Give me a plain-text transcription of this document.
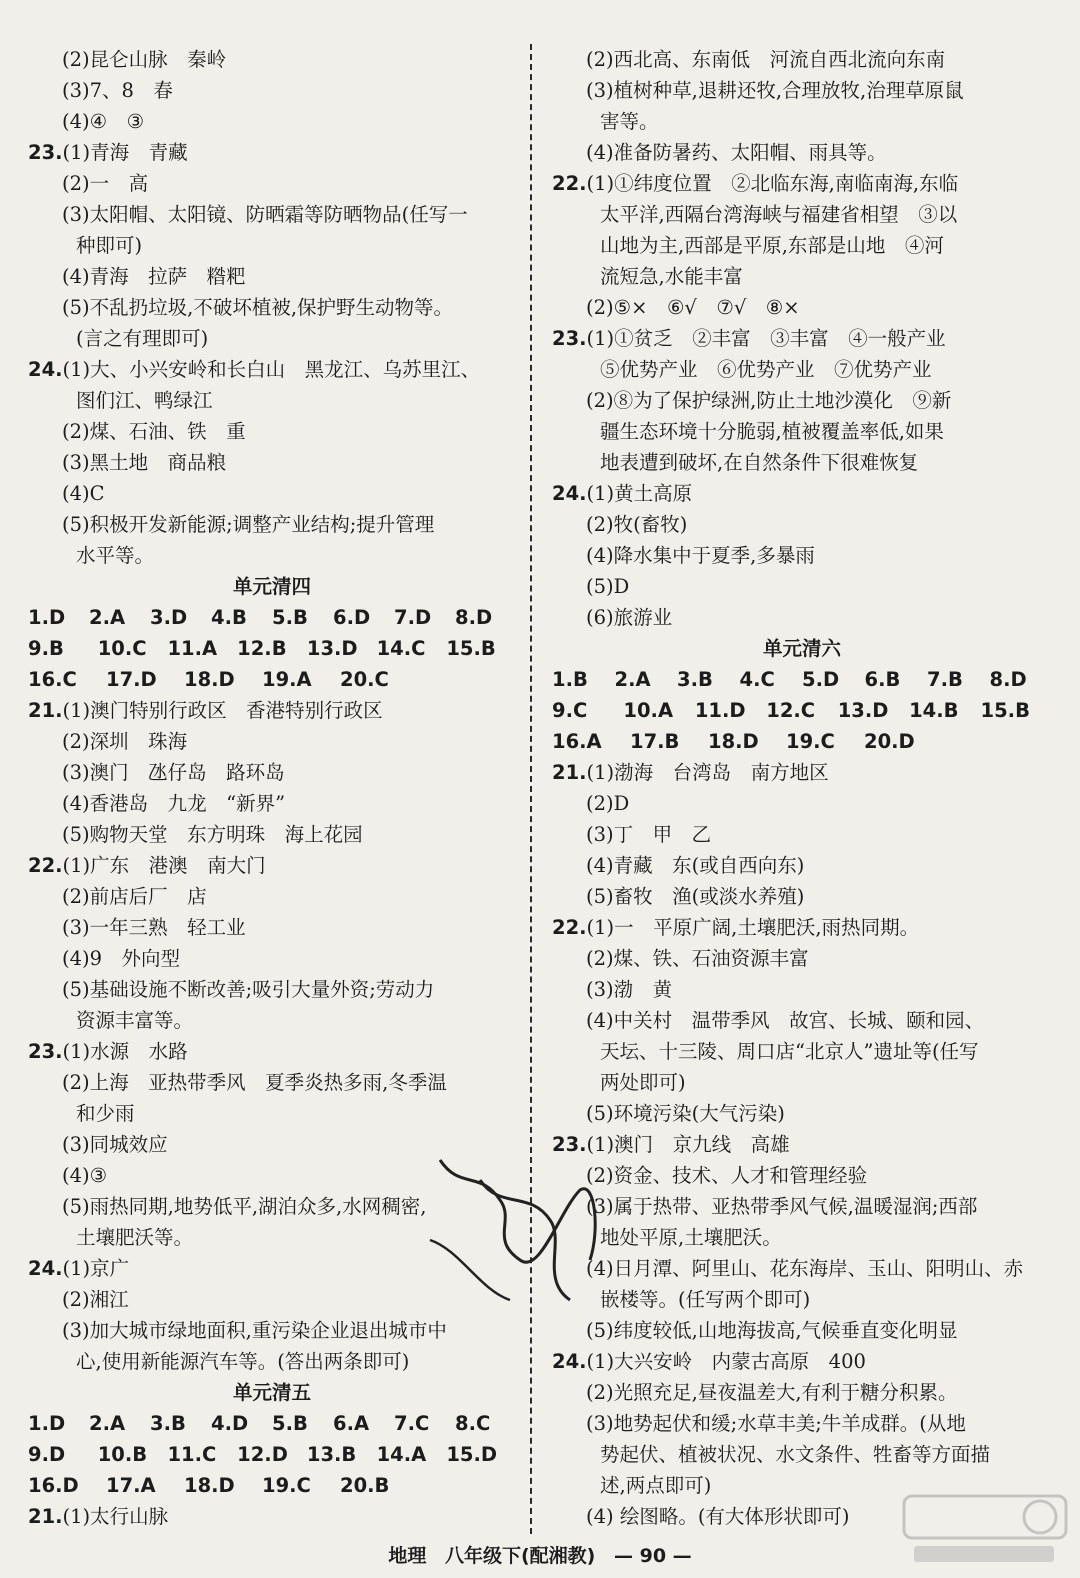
(2)昆仑山脉　秦岭
(3)7、8　春
(4)④　③
23.(1)青海　青藏
(2)一　高
(3)太阳帽、太阳镜、防晒霜等防晒物品(任写一
种即可)
(4)青海　拉萨　糌粑
(5)不乱扔垃圾,不破坏植被,保护野生动物等。
(言之有理即可)
24.(1)大、小兴安岭和长白山　黑龙江、乌苏里江、
图们江、鸭绿江
(2)煤、石油、铁　重
(3)黑土地　商品粮
(4)C
(5)积极开发新能源;调整产业结构;提升管理
水平等。
单元清四
1.D	2.A	3.D	4.B	5.B	6.D	7.D	8.D
9.B	10.C	11.A	12.B	13.D 14.C	15.B
16.C	17.D	18.D	19.A	20.C
21.(1)澳门特别行政区　香港特别行政区
(2)深圳　珠海
(3)澳门　氹仔岛　路环岛
(4)香港岛　九龙　“新界”
(5)购物天堂　东方明珠　海上花园
22.(1)广东　港澳　南大门
(2)前店后厂　店
(3)一年三熟　轻工业
(4)9　外向型
(5)基础设施不断改善;吸引大量外资;劳动力
资源丰富等。
23.(1)水源　水路
(2)上海　亚热带季风　夏季炎热多雨,冬季温
和少雨
(3)同城效应
(4)③
(5)雨热同期,地势低平,湖泊众多,水网稠密,
土壤肥沃等。
24.(1)京广
(2)湘江
(3)加大城市绿地面积,重污染企业退出城市中
心,使用新能源汽车等。(答出两条即可)
单元清五
1.D	2.A	3.B	4.D	5.B	6.A	7.C	8.C
9.D	10.B	11.C	12.D 13.B	14.A	15.D
16.D	17.A	18.D	19.C	20.B
21.(1)太行山脉
(2)西北高、东南低　河流自西北流向东南
(3)植树种草,退耕还牧,合理放牧,治理草原鼠
害等。
(4)准备防暑药、太阳帽、雨具等。
22.(1)①纬度位置　②北临东海,南临南海,东临
太平洋,西隔台湾海峡与福建省相望　③以
山地为主,西部是平原,东部是山地　④河
流短急,水能丰富
(2)⑤×　⑥√　⑦√　⑧×
23.(1)①贫乏　②丰富　③丰富　④一般产业
⑤优势产业　⑥优势产业　⑦优势产业
(2)⑧为了保护绿洲,防止土地沙漠化　⑨新
疆生态环境十分脆弱,植被覆盖率低,如果
地表遭到破坏,在自然条件下很难恢复
24.(1)黄土高原
(2)牧(畜牧)
(4)降水集中于夏季,多暴雨
(5)D
(6)旅游业
单元清六
1.B	2.A	3.B	4.C	5.D	6.B	7.B	8.D
9.C	10.A	11.D	12.C	13.D	14.B	15.B
16.A	17.B	18.D	19.C	20.D
21.(1)渤海　台湾岛　南方地区
(2)D
(3)丁　甲　乙
(4)青藏　东(或自西向东)
(5)畜牧　渔(或淡水养殖)
22.(1)一　平原广阔,土壤肥沃,雨热同期。
(2)煤、铁、石油资源丰富
(3)渤　黄
(4)中关村　温带季风　故宫、长城、颐和园、
天坛、十三陵、周口店“北京人”遗址等(任写
两处即可)
(5)环境污染(大气污染)
23.(1)澳门　京九线　高雄
(2)资金、技术、人才和管理经验
(3)属于热带、亚热带季风气候,温暖湿润;西部
地处平原,土壤肥沃。
(4)日月潭、阿里山、花东海岸、玉山、阳明山、赤
嵌楼等。(任写两个即可)
(5)纬度较低,山地海拔高,气候垂直变化明显
24.(1)大兴安岭　内蒙古高原　400
(2)光照充足,昼夜温差大,有利于糖分积累。
(3)地势起伏和缓;水草丰美;牛羊成群。(从地
势起伏、植被状况、水文条件、牲畜等方面描
述,两点即可)
(4) 绘图略。(有大体形状即可)
地理 八年级下(配湘教) — 90 —
